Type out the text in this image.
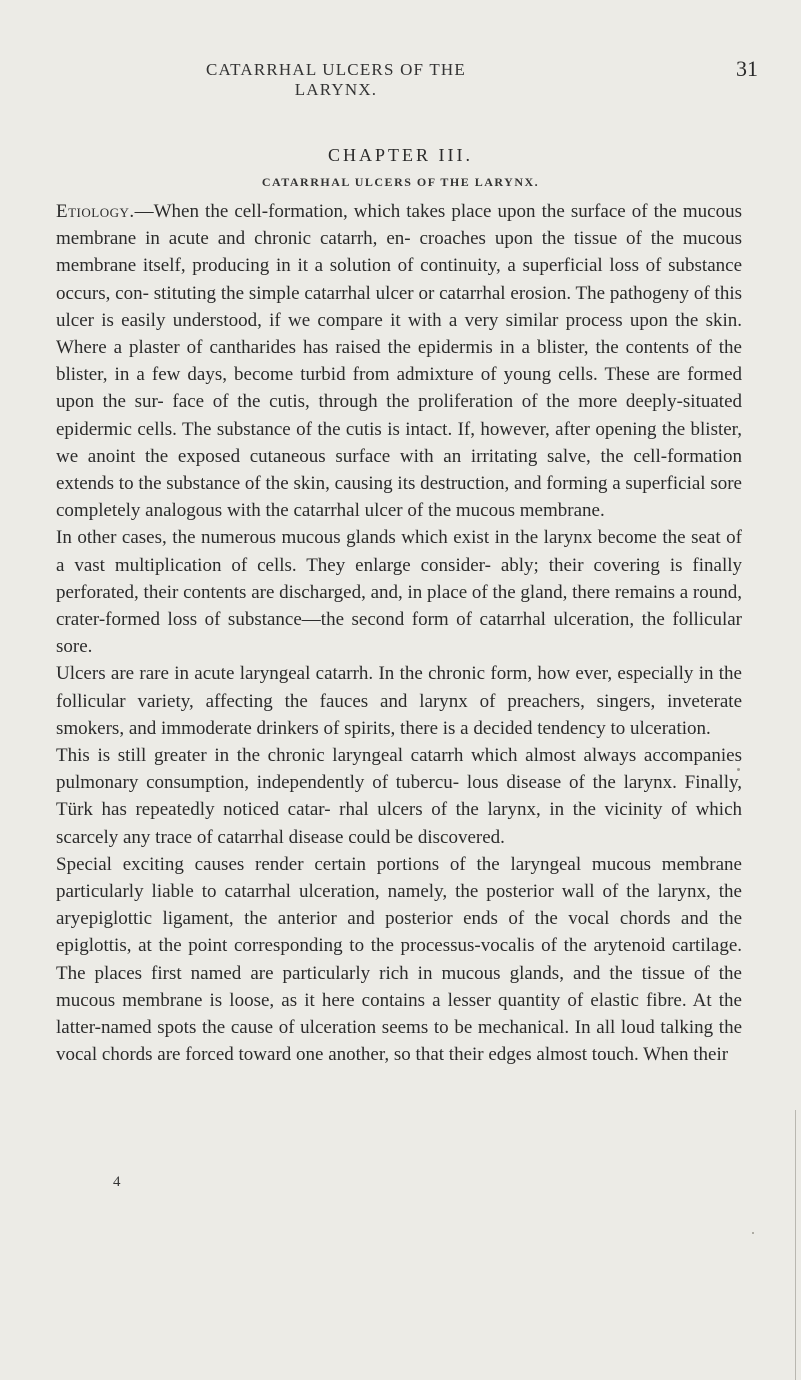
CATARRHAL ULCERS OF THE LARYNX.
31
CHAPTER III.
CATARRHAL ULCERS OF THE LARYNX.

Etiology.—When the cell-formation, which takes place upon the surface of the mucous membrane in acute and chronic catarrh, en- croaches upon the tissue of the mucous membrane itself, producing in it a solution of continuity, a superficial loss of substance occurs, con- stituting the simple catarrhal ulcer or catarrhal erosion. The pathogeny of this ulcer is easily understood, if we compare it with a very similar process upon the skin. Where a plaster of cantharides has raised the epidermis in a blister, the contents of the blister, in a few days, become turbid from admixture of young cells. These are formed upon the sur- face of the cutis, through the proliferation of the more deeply-situated epidermic cells. The substance of the cutis is intact. If, however, after opening the blister, we anoint the exposed cutaneous surface with an irritating salve, the cell-formation extends to the substance of the skin, causing its destruction, and forming a superficial sore completely analogous with the catarrhal ulcer of the mucous membrane.

In other cases, the numerous mucous glands which exist in the larynx become the seat of a vast multiplication of cells. They enlarge consider- ably; their covering is finally perforated, their contents are discharged, and, in place of the gland, there remains a round, crater-formed loss of substance—the second form of catarrhal ulceration, the follicular sore.

Ulcers are rare in acute laryngeal catarrh. In the chronic form, how ever, especially in the follicular variety, affecting the fauces and larynx of preachers, singers, inveterate smokers, and immoderate drinkers of spirits, there is a decided tendency to ulceration.

This is still greater in the chronic laryngeal catarrh which almost always accompanies pulmonary consumption, independently of tubercu- lous disease of the larynx. Finally, Türk has repeatedly noticed catar- rhal ulcers of the larynx, in the vicinity of which scarcely any trace of catarrhal disease could be discovered.

Special exciting causes render certain portions of the laryngeal mucous membrane particularly liable to catarrhal ulceration, namely, the posterior wall of the larynx, the aryepiglottic ligament, the anterior and posterior ends of the vocal chords and the epiglottis, at the point corresponding to the processus-vocalis of the arytenoid cartilage. The places first named are particularly rich in mucous glands, and the tissue of the mucous membrane is loose, as it here contains a lesser quantity of elastic fibre. At the latter-named spots the cause of ulceration seems to be mechanical. In all loud talking the vocal chords are forced toward one another, so that their edges almost touch. When their

4
